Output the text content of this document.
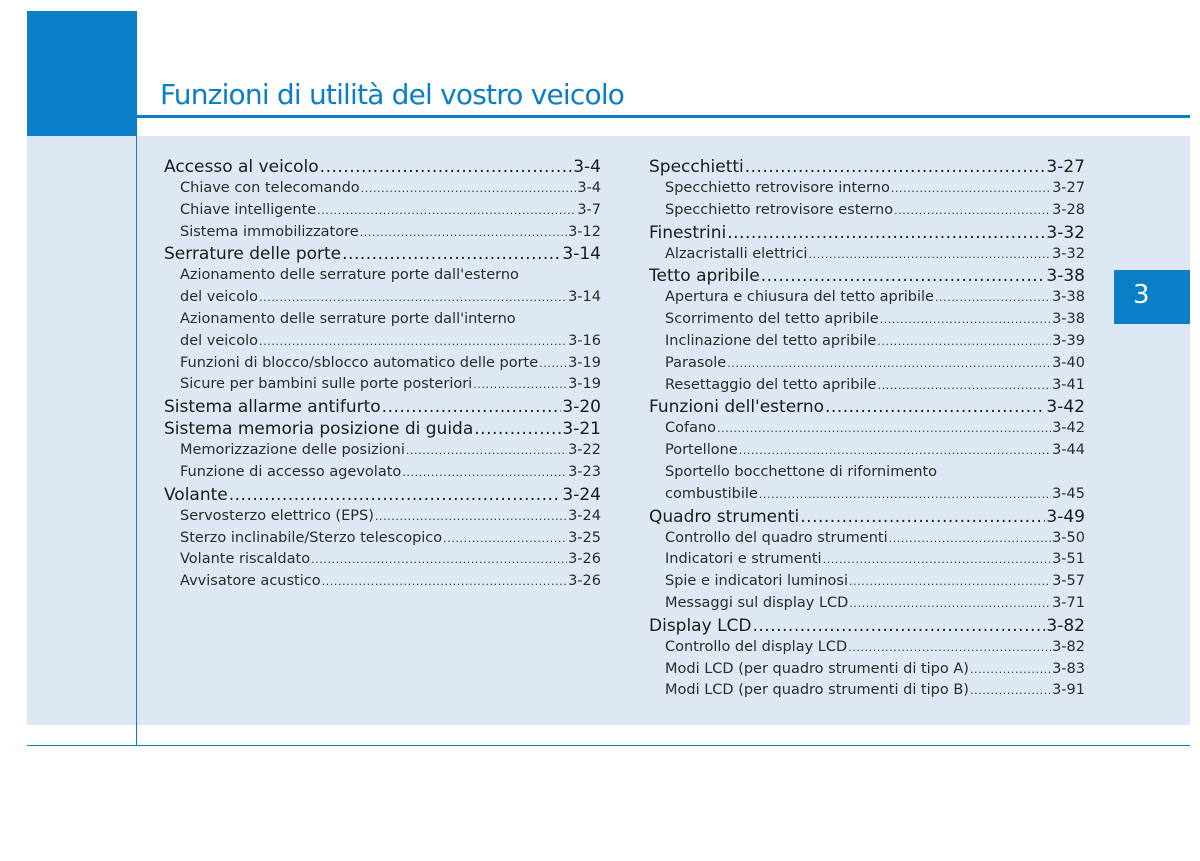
Funzioni di utilità del vostro veicolo
3
Accesso al veicolo .....	3-4
Chiave con telecomando .....	3-4
Chiave intelligente .....	3-7
Sistema immobilizzatore .....	3-12
Serrature delle porte .....	3-14
Azionamento delle serrature porte dall'esterno
del veicolo .....	3-14
Azionamento delle serrature porte dall'interno
del veicolo .....	3-16
Funzioni di blocco/sblocco automatico delle porte ..... 3-19
Sicure per bambini sulle porte posteriori .....	3-19
Sistema allarme antifurto .....	3-20
Sistema memoria posizione di guida .....	3-21
Memorizzazione delle posizioni .....	3-22
Funzione di accesso agevolato .....	3-23
Volante .....	3-24
Servosterzo elettrico (EPS) .....	3-24
Sterzo inclinabile/Sterzo telescopico .....	3-25
Volante riscaldato .....	3-26
Avvisatore acustico .....	3-26
Specchietti .....	3-27
Specchietto retrovisore interno .....	3-27
Specchietto retrovisore esterno .....	3-28
Finestrini .....	3-32
Alzacristalli elettrici .....	3-32
Tetto apribile .....	3-38
Apertura e chiusura del tetto apribile .....	3-38
Scorrimento del tetto apribile .....	3-38
Inclinazione del tetto apribile .....	3-39
Parasole .....	3-40
Resettaggio del tetto apribile .....	3-41
Funzioni dell'esterno .....	3-42
Cofano .....	3-42
Portellone .....	3-44
Sportello bocchettone di rifornimento
combustibile .....	3-45
Quadro strumenti .....	3-49
Controllo del quadro strumenti .....	3-50
Indicatori e strumenti .....	3-51
Spie e indicatori luminosi .....	3-57
Messaggi sul display LCD .....	3-71
Display LCD .....	3-82
Controllo del display LCD .....	3-82
Modi LCD (per quadro strumenti di tipo A) .....	3-83
Modi LCD (per quadro strumenti di tipo B) .....	3-91
